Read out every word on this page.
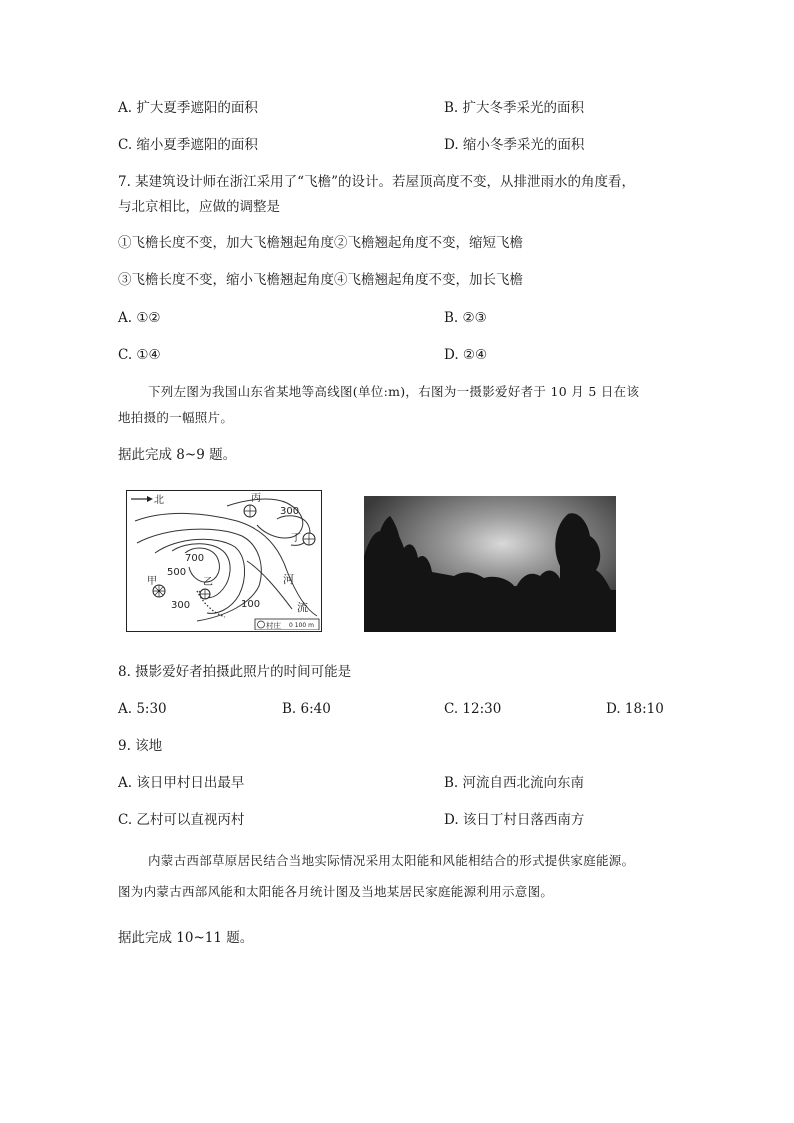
A. 扩大夏季遮阳的面积	B. 扩大冬季采光的面积
C. 缩小夏季遮阳的面积	D. 缩小冬季采光的面积
7. 某建筑设计师在浙江采用了“飞檐”的设计。若屋顶高度不变，从排泄雨水的角度看，
与北京相比，应做的调整是
①飞檐长度不变，加大飞檐翘起角度②飞檐翘起角度不变，缩短飞檐
③飞檐长度不变，缩小飞檐翘起角度④飞檐翘起角度不变，加长飞檐
A. ①②	B. ②③
C. ①④	D. ②④
下列左图为我国山东省某地等高线图(单位:m)，右图为一摄影爱好者于 10 月 5 日在该
地拍摄的一幅照片。
据此完成 8~9 题。
北
700
500
300
300
100
甲	乙
丙
丁
河
流
村庄 0 100 m
8. 摄影爱好者拍摄此照片的时间可能是
A. 5:30	B. 6:40	C. 12:30	D. 18:10
9. 该地
A. 该日甲村日出最早	B. 河流自西北流向东南
C. 乙村可以直视丙村	D. 该日丁村日落西南方
内蒙古西部草原居民结合当地实际情况采用太阳能和风能相结合的形式提供家庭能源。
图为内蒙古西部风能和太阳能各月统计图及当地某居民家庭能源利用示意图。
据此完成 10~11 题。
